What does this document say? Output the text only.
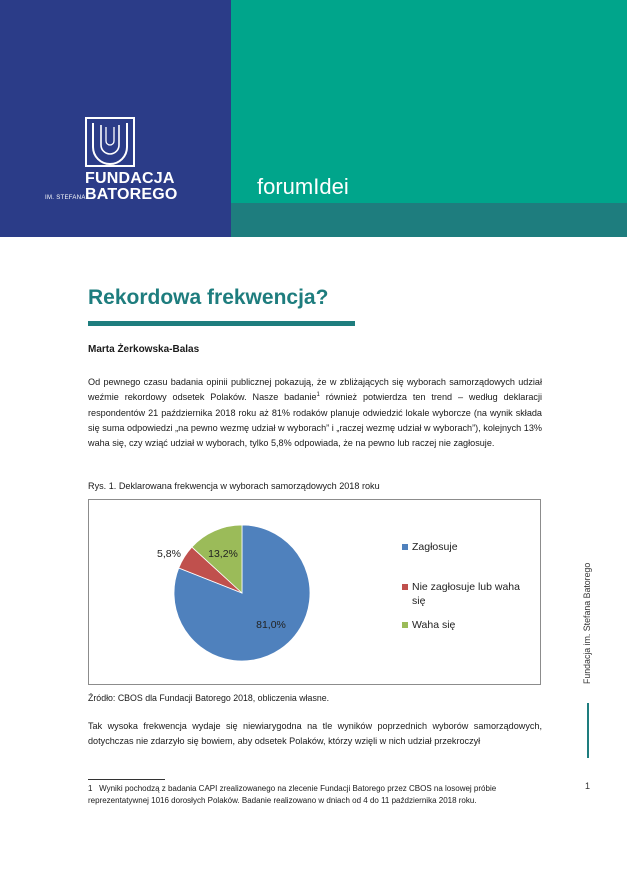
FUNDACJA
IM. STEFANA BATOREGO	forumIdei
Rekordowa frekwencja?
Marta Żerkowska-Balas
Od pewnego czasu badania opinii publicznej pokazują, że w zbliżających się wyborach samorządowych udział weźmie rekordowy odsetek Polaków. Nasze badanie$^1$ również potwierdza ten trend – według deklaracji respondentów 21 października 2018 roku aż 81% rodaków planuje odwiedzić lokale wyborcze (na wynik składa się suma odpowiedzi „na pewno wezmę udział w wyborach” i „raczej wezmę udział w wyborach”), kolejnych 13% waha się, czy wziąć udział w wyborach, tylko 5,8% odpowiada, że na pewno lub raczej nie zagłosuje.
Rys. 1. Deklarowana frekwencja w wyborach samorządowych 2018 roku
81,0%
5,8%	13,2%
Zagłosuje
Nie zagłosuje lub waha się
Waha się
Źródło: CBOS dla Fundacji Batorego 2018, obliczenia własne.
Tak wysoka frekwencja wydaje się niewiarygodna na tle wyników poprzednich wyborów samorządowych, dotychczas nie zdarzyło się bowiem, aby odsetek Polaków, którzy wzięli w nich udział przekroczył
1 Wyniki pochodzą z badania CAPI zrealizowanego na zlecenie Fundacji Batorego przez CBOS na losowej próbie reprezentatywnej 1016 dorosłych Polaków. Badanie realizowano w dniach od 4 do 11 października 2018 roku.
Fundacja im. Stefana Batorego
1
